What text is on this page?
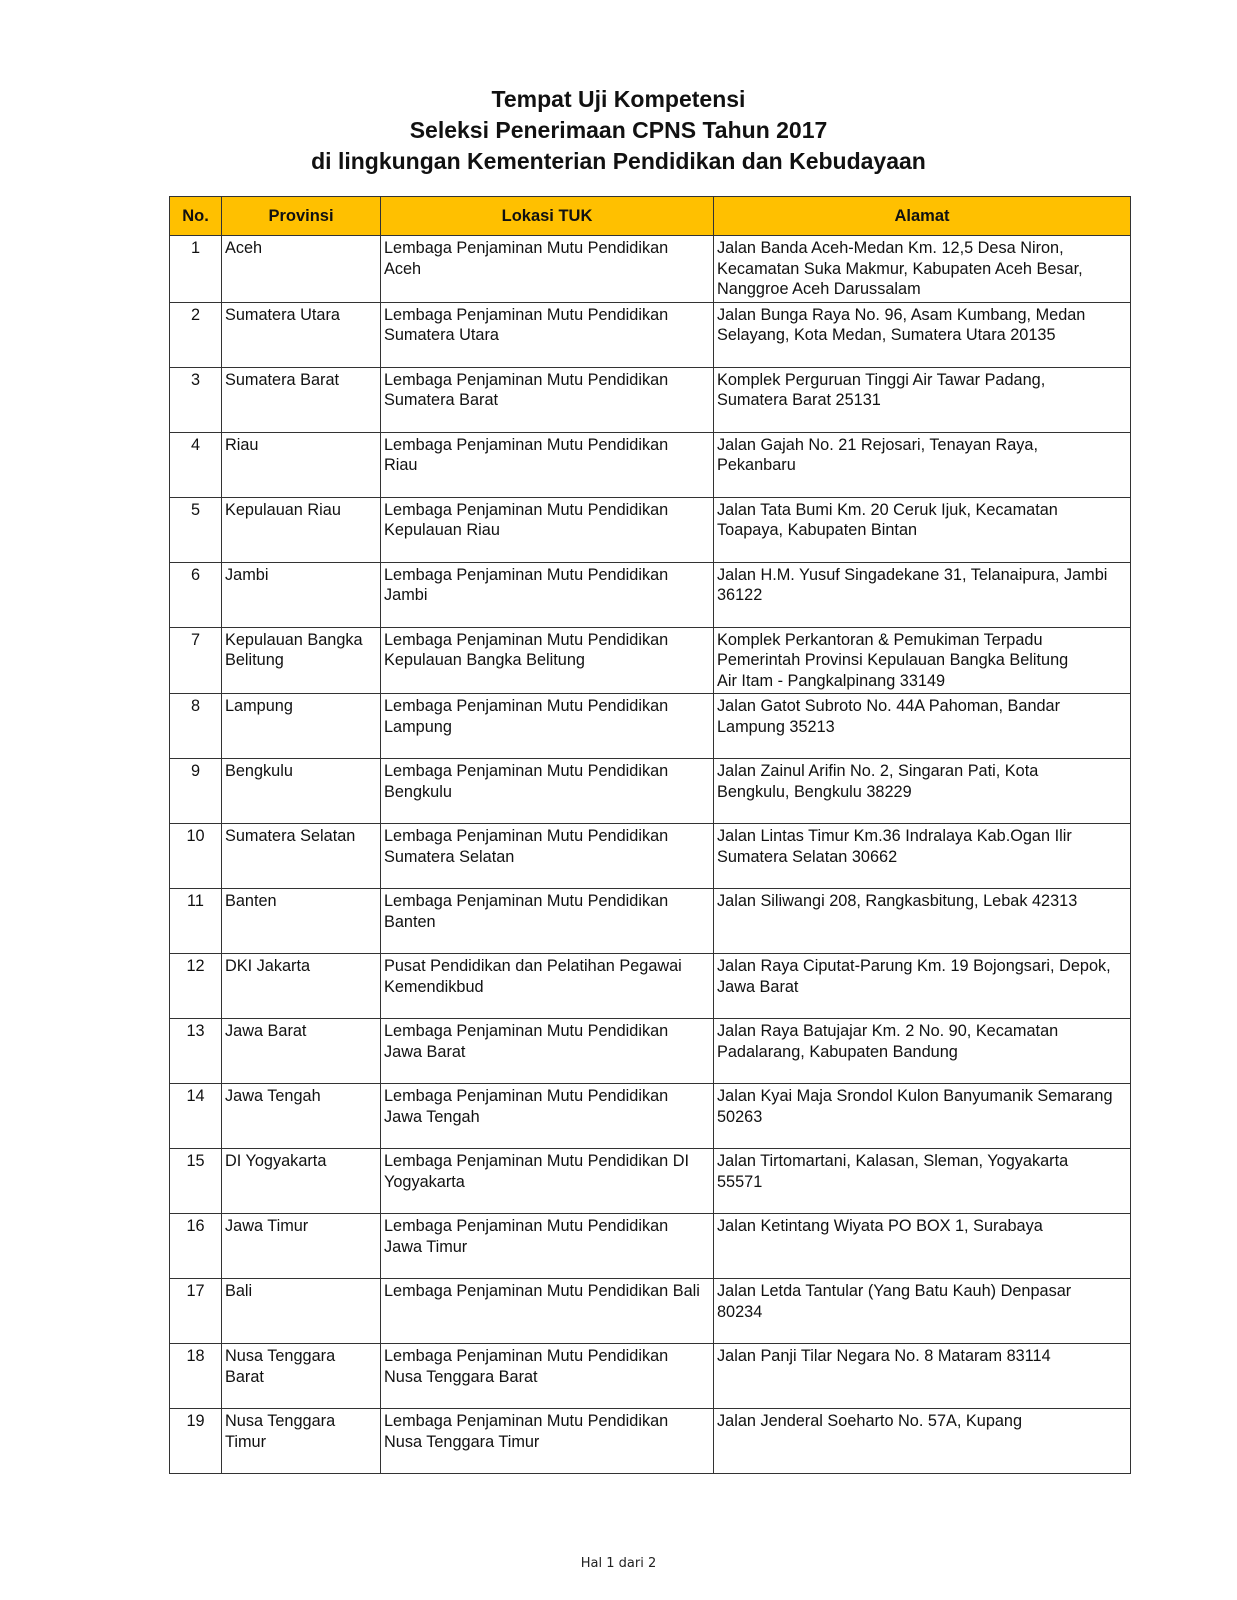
Tempat Uji Kompetensi
Seleksi Penerimaan CPNS Tahun 2017
di lingkungan Kementerian Pendidikan dan Kebudayaan
No.	Provinsi	Lokasi TUK	Alamat

1	Aceh	Lembaga Penjaminan Mutu Pendidikan
Aceh	Jalan Banda Aceh-Medan Km. 12,5 Desa Niron,
Kecamatan Suka Makmur, Kabupaten Aceh Besar,
Nanggroe Aceh Darussalam

2	Sumatera Utara	Lembaga Penjaminan Mutu Pendidikan
Sumatera Utara	Jalan Bunga Raya No. 96, Asam Kumbang, Medan
Selayang, Kota Medan, Sumatera Utara 20135

3	Sumatera Barat	Lembaga Penjaminan Mutu Pendidikan
Sumatera Barat	Komplek Perguruan Tinggi Air Tawar Padang,
Sumatera Barat 25131

4	Riau	Lembaga Penjaminan Mutu Pendidikan
Riau	Jalan Gajah No. 21 Rejosari, Tenayan Raya,
Pekanbaru

5	Kepulauan Riau	Lembaga Penjaminan Mutu Pendidikan
Kepulauan Riau	Jalan Tata Bumi Km. 20 Ceruk Ijuk, Kecamatan
Toapaya, Kabupaten Bintan

6	Jambi	Lembaga Penjaminan Mutu Pendidikan
Jambi	Jalan H.M. Yusuf Singadekane 31, Telanaipura, Jambi
36122

7	Kepulauan Bangka
Belitung	Lembaga Penjaminan Mutu Pendidikan
Kepulauan Bangka Belitung	Komplek Perkantoran & Pemukiman Terpadu
Pemerintah Provinsi Kepulauan Bangka Belitung
Air Itam - Pangkalpinang 33149

8	Lampung	Lembaga Penjaminan Mutu Pendidikan
Lampung	Jalan Gatot Subroto No. 44A Pahoman, Bandar
Lampung 35213

9	Bengkulu	Lembaga Penjaminan Mutu Pendidikan
Bengkulu	Jalan Zainul Arifin No. 2, Singaran Pati, Kota
Bengkulu, Bengkulu 38229

10	Sumatera Selatan	Lembaga Penjaminan Mutu Pendidikan
Sumatera Selatan	Jalan Lintas Timur Km.36 Indralaya Kab.Ogan Ilir
Sumatera Selatan 30662

11	Banten	Lembaga Penjaminan Mutu Pendidikan
Banten	Jalan Siliwangi 208, Rangkasbitung, Lebak 42313

12	DKI Jakarta	Pusat Pendidikan dan Pelatihan Pegawai
Kemendikbud	Jalan Raya Ciputat-Parung Km. 19 Bojongsari, Depok,
Jawa Barat

13	Jawa Barat	Lembaga Penjaminan Mutu Pendidikan
Jawa Barat	Jalan Raya Batujajar Km. 2 No. 90, Kecamatan
Padalarang, Kabupaten Bandung

14	Jawa Tengah	Lembaga Penjaminan Mutu Pendidikan
Jawa Tengah	Jalan Kyai Maja Srondol Kulon Banyumanik Semarang
50263

15	DI Yogyakarta	Lembaga Penjaminan Mutu Pendidikan DI
Yogyakarta	Jalan Tirtomartani, Kalasan, Sleman, Yogyakarta
55571

16	Jawa Timur	Lembaga Penjaminan Mutu Pendidikan
Jawa Timur	Jalan Ketintang Wiyata PO BOX 1, Surabaya

17	Bali	Lembaga Penjaminan Mutu Pendidikan Bali	Jalan Letda Tantular (Yang Batu Kauh) Denpasar
80234

18	Nusa Tenggara
Barat	Lembaga Penjaminan Mutu Pendidikan
Nusa Tenggara Barat	Jalan Panji Tilar Negara No. 8 Mataram 83114

19	Nusa Tenggara
Timur	Lembaga Penjaminan Mutu Pendidikan
Nusa Tenggara Timur	Jalan Jenderal Soeharto No. 57A, Kupang
Hal 1 dari 2
